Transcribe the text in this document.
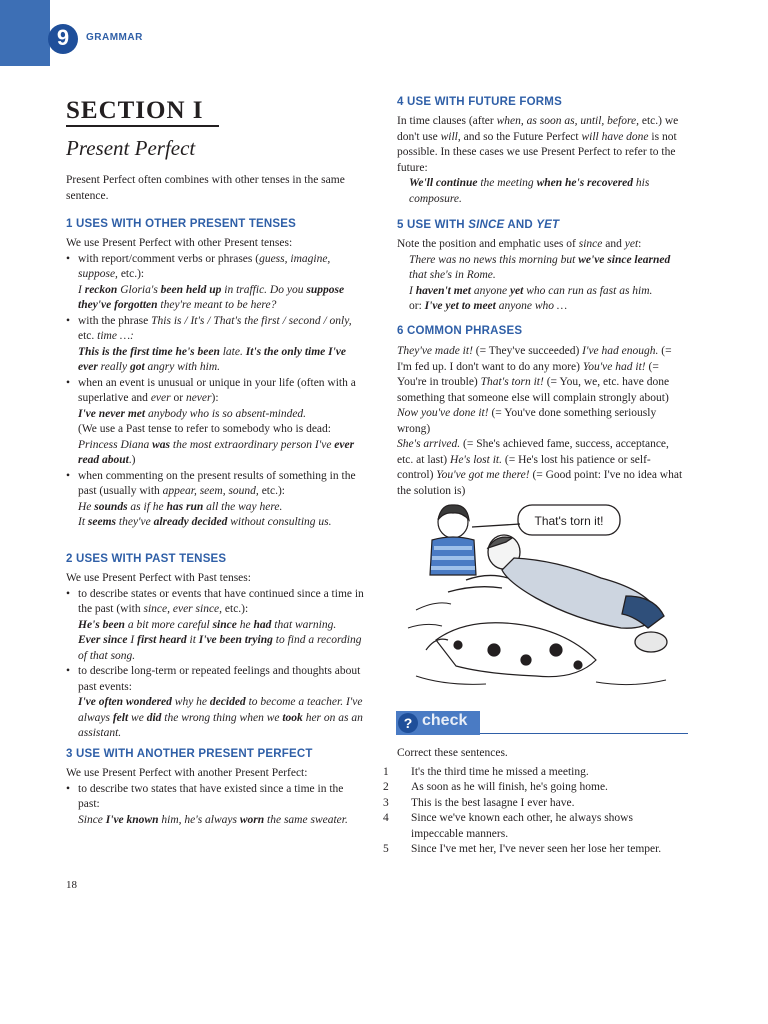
9	GRAMMAR
SECTION I
Present Perfect
Present Perfect often combines with other tenses in the same sentence.
1 USES WITH OTHER PRESENT TENSES

We use Present Perfect with other Present tenses:

• with report/comment verbs or phrases (guess, imagine, suppose, etc.):

I reckon Gloria's been held up in traffic. Do you suppose they've forgotten they're meant to be here?

• with the phrase This is / It's / That's the first / second / only, etc. time …:

This is the first time he's been late. It's the only time I've ever really got angry with him.

• when an event is unusual or unique in your life (often with a superlative and ever or never):

I've never met anybody who is so absent-minded.

(We use a Past tense to refer to somebody who is dead: Princess Diana was the most extraordinary person I've ever read about.)

• when commenting on the present results of something in the past (usually with appear, seem, sound, etc.):

He sounds as if he has run all the way here.

It seems they've already decided without consulting us.

2 USES WITH PAST TENSES

We use Present Perfect with Past tenses:

• to describe states or events that have continued since a time in the past (with since, ever since, etc.):

He's been a bit more careful since he had that warning.

Ever since I first heard it I've been trying to find a recording of that song.

• to describe long-term or repeated feelings and thoughts about past events:

I've often wondered why he decided to become a teacher. I've always felt we did the wrong thing when we took her on as an assistant.

3 USE WITH ANOTHER PRESENT PERFECT

We use Present Perfect with another Present Perfect:

• to describe two states that have existed since a time in the past:

Since I've known him, he's always worn the same sweater.

4 USE WITH FUTURE FORMS

In time clauses (after when, as soon as, until, before, etc.) we don't use will, and so the Future Perfect will have done is not possible. In these cases we use Present Perfect to refer to the future:

We'll continue the meeting when he's recovered his composure.

5 USE WITH SINCE AND YET

Note the position and emphatic uses of since and yet:

There was no news this morning but we've since learned that she's in Rome.

I haven't met anyone yet who can run as fast as him.

or: I've yet to meet anyone who …

6 COMMON PHRASES

They've made it! (= They've succeeded) I've had enough. (= I'm fed up. I don't want to do any more) You've had it! (= You're in trouble) That's torn it! (= You, we, etc. have done something that someone else will complain strongly about) Now you've done it! (= You've done something seriously wrong)

She's arrived. (= She's achieved fame, success, acceptance, etc. at last) He's lost it. (= He's lost his patience or self-control) You've got me there! (= Good point: I've no idea what the solution is)

That's torn it!
? check

Correct these sentences.

1 It's the third time he missed a meeting.
2 As soon as he will finish, he's going home.
3 This is the best lasagne I ever have.
4 Since we've known each other, he always shows impeccable manners.
5 Since I've met her, I've never seen her lose her temper.
18
